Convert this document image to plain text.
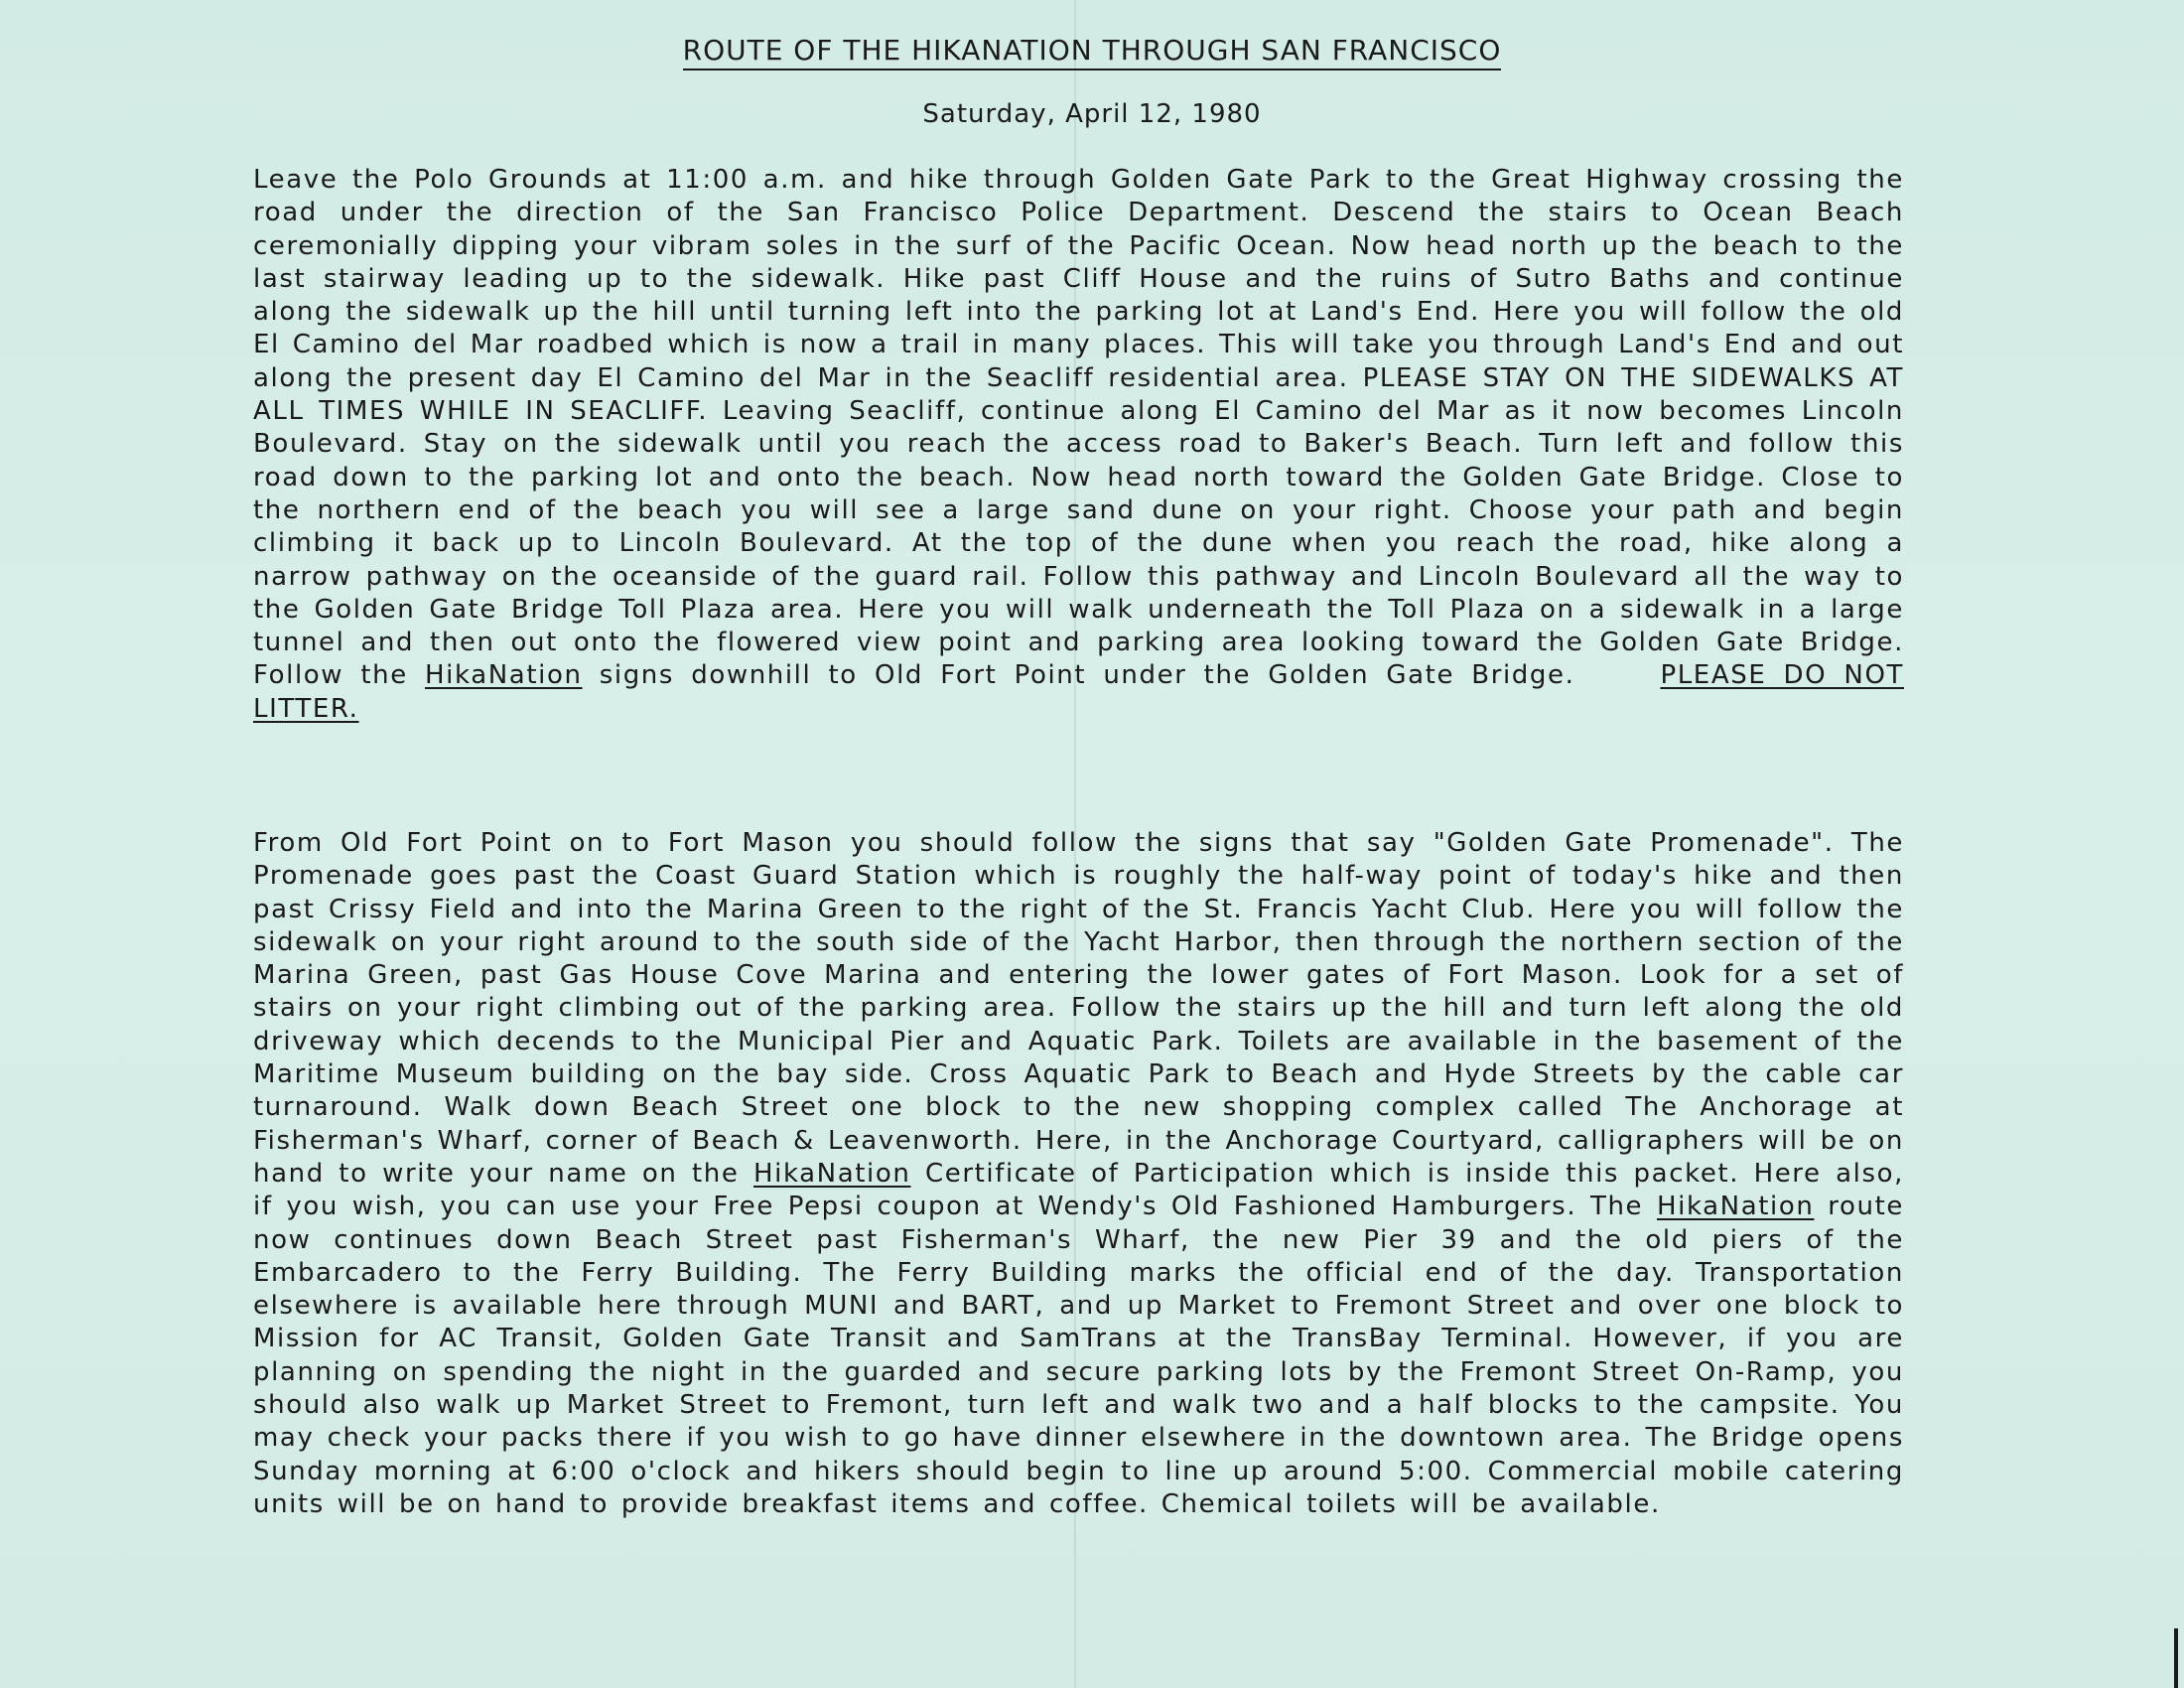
ROUTE OF THE HIKANATION THROUGH SAN FRANCISCO
Saturday, April 12, 1980

Leave the Polo Grounds at 11:00 a.m. and hike through Golden Gate Park to the Great Highway crossing the road under the direction of the San Francisco Police Department. Descend the stairs to Ocean Beach ceremonially dipping your vibram soles in the surf of the Pacific Ocean. Now head north up the beach to the last stairway leading up to the sidewalk. Hike past Cliff House and the ruins of Sutro Baths and continue along the sidewalk up the hill until turning left into the parking lot at Land's End. Here you will follow the old El Camino del Mar roadbed which is now a trail in many places. This will take you through Land's End and out along the present day El Camino del Mar in the Seacliff residential area. PLEASE STAY ON THE SIDEWALKS AT ALL TIMES WHILE IN SEACLIFF. Leaving Seacliff, continue along El Camino del Mar as it now becomes Lincoln Boulevard. Stay on the sidewalk until you reach the access road to Baker's Beach. Turn left and follow this road down to the parking lot and onto the beach. Now head north toward the Golden Gate Bridge. Close to the northern end of the beach you will see a large sand dune on your right. Choose your path and begin climbing it back up to Lincoln Boulevard. At the top of the dune when you reach the road, hike along a narrow pathway on the oceanside of the guard rail. Follow this pathway and Lincoln Boulevard all the way to the Golden Gate Bridge Toll Plaza area. Here you will walk underneath the Toll Plaza on a sidewalk in a large tunnel and then out onto the flowered view point and parking area looking toward the Golden Gate Bridge. Follow the HikaNation signs downhill to Old Fort Point under the Golden Gate Bridge.	PLEASE DO NOT LITTER.

From Old Fort Point on to Fort Mason you should follow the signs that say "Golden Gate Promenade". The Promenade goes past the Coast Guard Station which is roughly the half-way point of today's hike and then past Crissy Field and into the Marina Green to the right of the St. Francis Yacht Club. Here you will follow the sidewalk on your right around to the south side of the Yacht Harbor, then through the northern section of the Marina Green, past Gas House Cove Marina and entering the lower gates of Fort Mason. Look for a set of stairs on your right climbing out of the parking area. Follow the stairs up the hill and turn left along the old driveway which decends to the Municipal Pier and Aquatic Park. Toilets are available in the basement of the Maritime Museum building on the bay side. Cross Aquatic Park to Beach and Hyde Streets by the cable car turnaround. Walk down Beach Street one block to the new shopping complex called The Anchorage at Fisherman's Wharf, corner of Beach & Leavenworth. Here, in the Anchorage Courtyard, calligraphers will be on hand to write your name on the HikaNation Certificate of Participation which is inside this packet. Here also, if you wish, you can use your Free Pepsi coupon at Wendy's Old Fashioned Hamburgers. The HikaNation route now continues down Beach Street past Fisherman's Wharf, the new Pier 39 and the old piers of the Embarcadero to the Ferry Building. The Ferry Building marks the official end of the day. Transportation elsewhere is available here through MUNI and BART, and up Market to Fremont Street and over one block to Mission for AC Transit, Golden Gate Transit and SamTrans at the TransBay Terminal. However, if you are planning on spending the night in the guarded and secure parking lots by the Fremont Street On-Ramp, you should also walk up Market Street to Fremont, turn left and walk two and a half blocks to the campsite. You may check your packs there if you wish to go have dinner elsewhere in the downtown area. The Bridge opens Sunday morning at 6:00 o'clock and hikers should begin to line up around 5:00. Commercial mobile catering units will be on hand to provide breakfast items and coffee. Chemical toilets will be available.
